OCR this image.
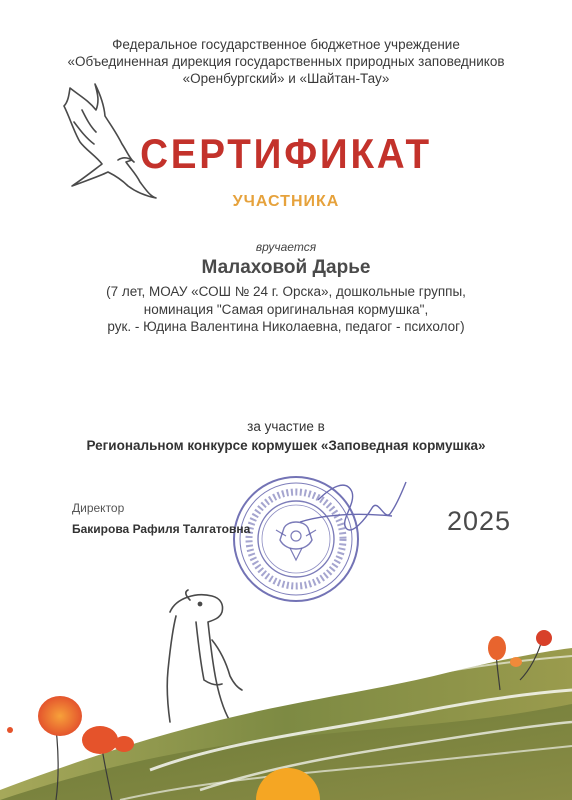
Федеральное государственное бюджетное учреждение
«Объединенная дирекция государственных природных заповедников
«Оренбургский» и «Шайтан-Тау»
СЕРТИФИКАТ
УЧАСТНИКА
вручается
Малаховой Дарье
(7 лет, МОАУ «СОШ № 24 г. Орска», дошкольные группы,
номинация "Самая оригинальная кормушка",
рук. - Юдина Валентина Николаевна, педагог - психолог)
за участие в
Региональном конкурсе кормушек «Заповедная кормушка»
Директор
Бакирова Рафиля Талгатовна	2025
